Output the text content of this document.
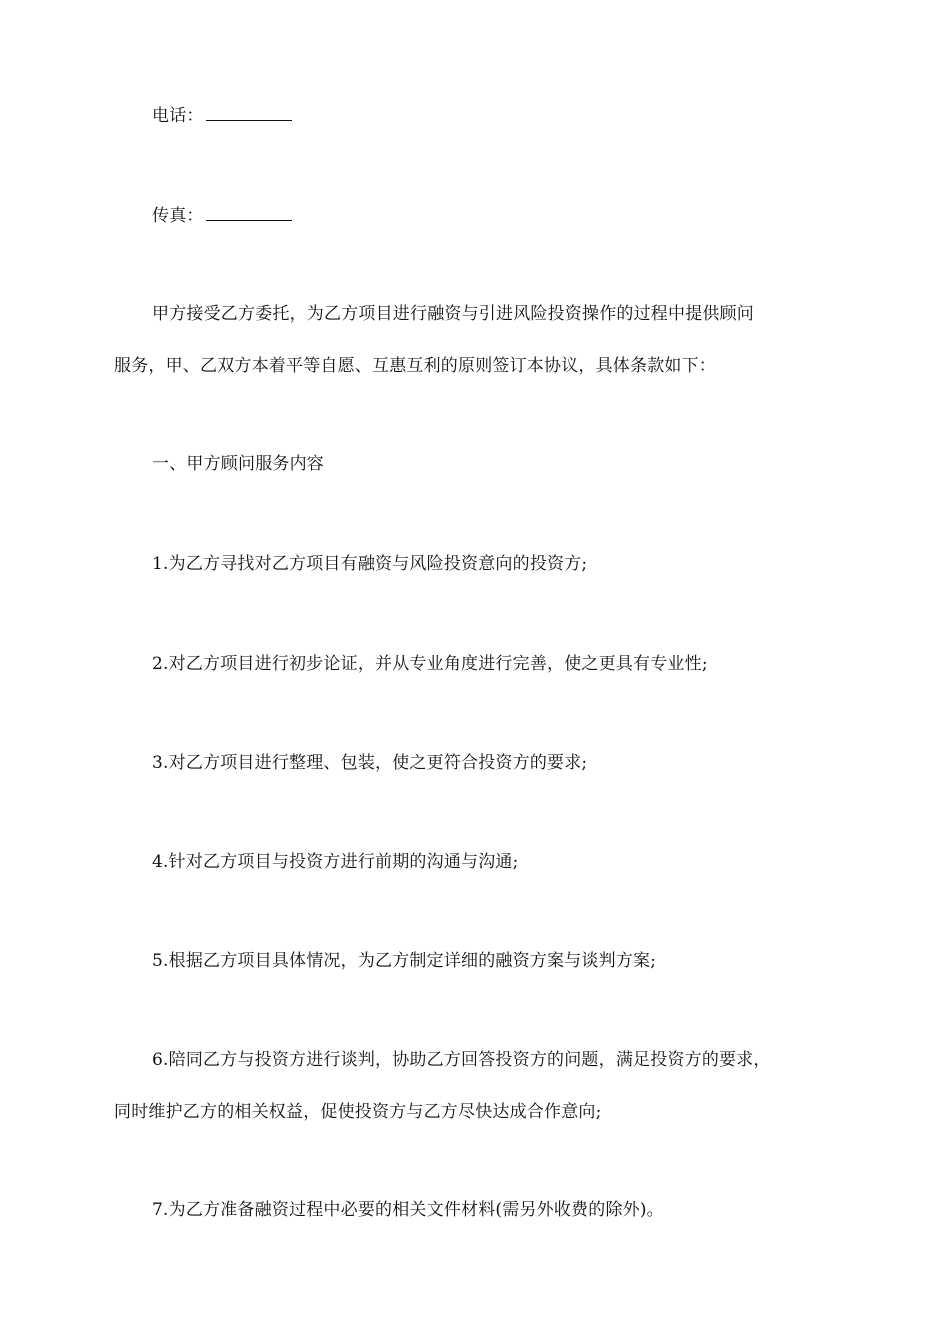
电话：
传真：
甲方接受乙方委托，为乙方项目进行融资与引进风险投资操作的过程中提供顾问
服务，甲、乙双方本着平等自愿、互惠互利的原则签订本协议，具体条款如下：
一、甲方顾问服务内容
1.为乙方寻找对乙方项目有融资与风险投资意向的投资方;
2.对乙方项目进行初步论证，并从专业角度进行完善，使之更具有专业性;
3.对乙方项目进行整理、包装，使之更符合投资方的要求;
4.针对乙方项目与投资方进行前期的沟通与沟通;
5.根据乙方项目具体情况，为乙方制定详细的融资方案与谈判方案;
6.陪同乙方与投资方进行谈判，协助乙方回答投资方的问题，满足投资方的要求，
同时维护乙方的相关权益，促使投资方与乙方尽快达成合作意向;
7.为乙方准备融资过程中必要的相关文件材料(需另外收费的除外)。
